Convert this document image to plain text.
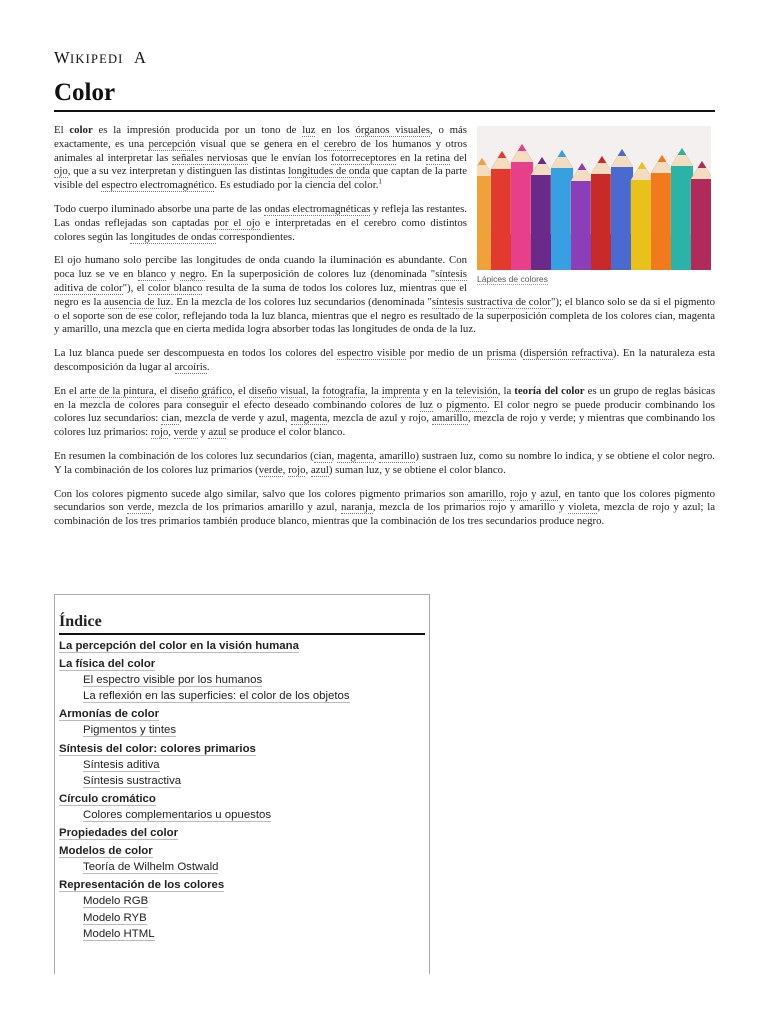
W IKIPEDI A
Color
Lápices de colores

El color es la impresión producida por un tono de luz en los órganos visuales, o más exactamente, es una percepción visual que se genera en el cerebro de los humanos y otros animales al interpretar las señales nerviosas que le envían los fotorreceptores en la retina del ojo, que a su vez interpretan y distinguen las distintas longitudes de onda que captan de la parte visible del espectro electromagnético. Es estudiado por la ciencia del color.$^1$

Todo cuerpo iluminado absorbe una parte de las ondas electromagnéticas y refleja las restantes. Las ondas reflejadas son captadas por el ojo e interpretadas en el cerebro como distintos colores según las longitudes de ondas correspondientes.

El ojo humano solo percibe las longitudes de onda cuando la iluminación es abundante. Con poca luz se ve en blanco y negro. En la superposición de colores luz (denominada "síntesis aditiva de color"), el color blanco resulta de la suma de todos los colores luz, mientras que el negro es la ausencia de luz. En la mezcla de los colores luz secundarios (denominada "síntesis sustractiva de color"); el blanco solo se da si el pigmento o el soporte son de ese color, reflejando toda la luz blanca, mientras que el negro es resultado de la superposición completa de los colores cian, magenta y amarillo, una mezcla que en cierta medida logra absorber todas las longitudes de onda de la luz.

La luz blanca puede ser descompuesta en todos los colores del espectro visible por medio de un prisma (dispersión refractiva). En la naturaleza esta descomposición da lugar al arcoíris.

En el arte de la pintura, el diseño gráfico, el diseño visual, la fotografía, la imprenta y en la televisión, la teoría del color es un grupo de reglas básicas en la mezcla de colores para conseguir el efecto deseado combinando colores de luz o pigmento. El color negro se puede producir combinando los colores luz secundarios: cian, mezcla de verde y azul, magenta, mezcla de azul y rojo, amarillo, mezcla de rojo y verde; y mientras que combinando los colores luz primarios: rojo, verde y azul se produce el color blanco.

En resumen la combinación de los colores luz secundarios (cian, magenta, amarillo) sustraen luz, como su nombre lo indica, y se obtiene el color negro. Y la combinación de los colores luz primarios (verde, rojo, azul) suman luz, y se obtiene el color blanco.

Con los colores pigmento sucede algo similar, salvo que los colores pigmento primarios son amarillo, rojo y azul, en tanto que los colores pigmento secundarios son verde, mezcla de los primarios amarillo y azul, naranja, mezcla de los primarios rojo y amarillo y violeta, mezcla de rojo y azul; la combinación de los tres primarios también produce blanco, mientras que la combinación de los tres secundarios produce negro.

Índice
La percepción del color en la visión humana
La física del color
El espectro visible por los humanos
La reflexión en las superficies: el color de los objetos
Armonías de color
Pigmentos y tintes
Síntesis del color: colores primarios
Síntesis aditiva
Síntesis sustractiva
Círculo cromático
Colores complementarios u opuestos
Propiedades del color
Modelos de color
Teoría de Wilhelm Ostwald
Representación de los colores
Modelo RGB
Modelo RYB
Modelo HTML
